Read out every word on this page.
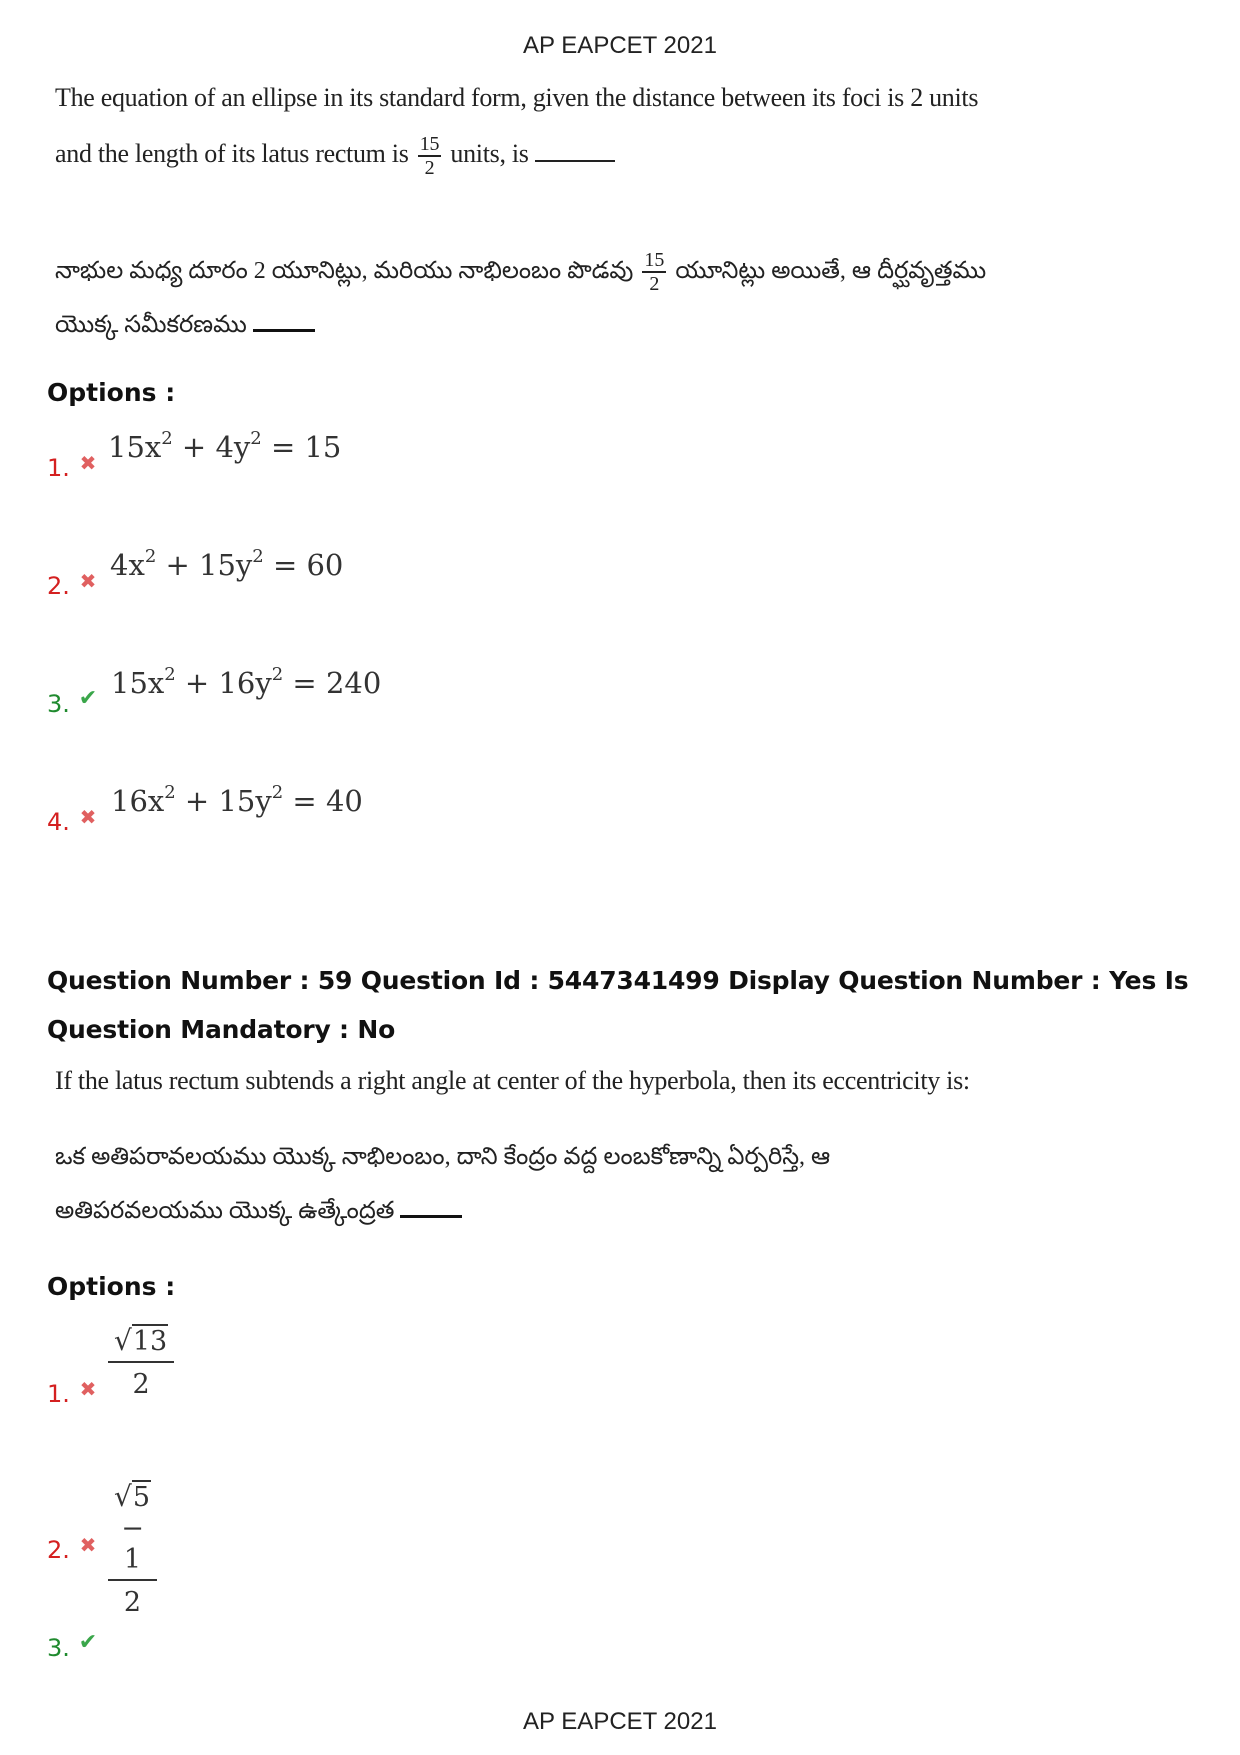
AP EAPCET 2021
The equation of an ellipse in its standard form, given the distance between its foci is 2 units
and the length of its latus rectum is $\frac{15}{2}$ units, is
నాభుల మధ్య దూరం 2 యూనిట్లు, మరియు నాభిలంబం పొడవు $\frac{15}{2}$ యూనిట్లు అయితే, ఆ దీర్ఘవృత్తము
యొక్క సమీకరణము
Options :
1. ✖ $15x^2 + 4y^2 = 15$
2. ✖ $4x^2 + 15y^2 = 60$
3. ✔ $15x^2 + 16y^2 = 240$
4. ✖ $16x^2 + 15y^2 = 40$
Question Number : 59 Question Id : 5447341499 Display Question Number : Yes Is Question Mandatory : No
If the latus rectum subtends a right angle at center of the hyperbola, then its eccentricity is:
ఒక అతిపరావలయము యొక్క నాభిలంబం, దాని కేంద్రం వద్ద లంబకోణాన్ని ఏర్పరిస్తే, ఆ
అతిపరవలయము యొక్క ఉత్కేంద్రత
Options :
1. ✖ $\frac{√13}{2}$
2. ✖ $\frac{√5 - 1}{2}$
3. ✔
AP EAPCET 2021
